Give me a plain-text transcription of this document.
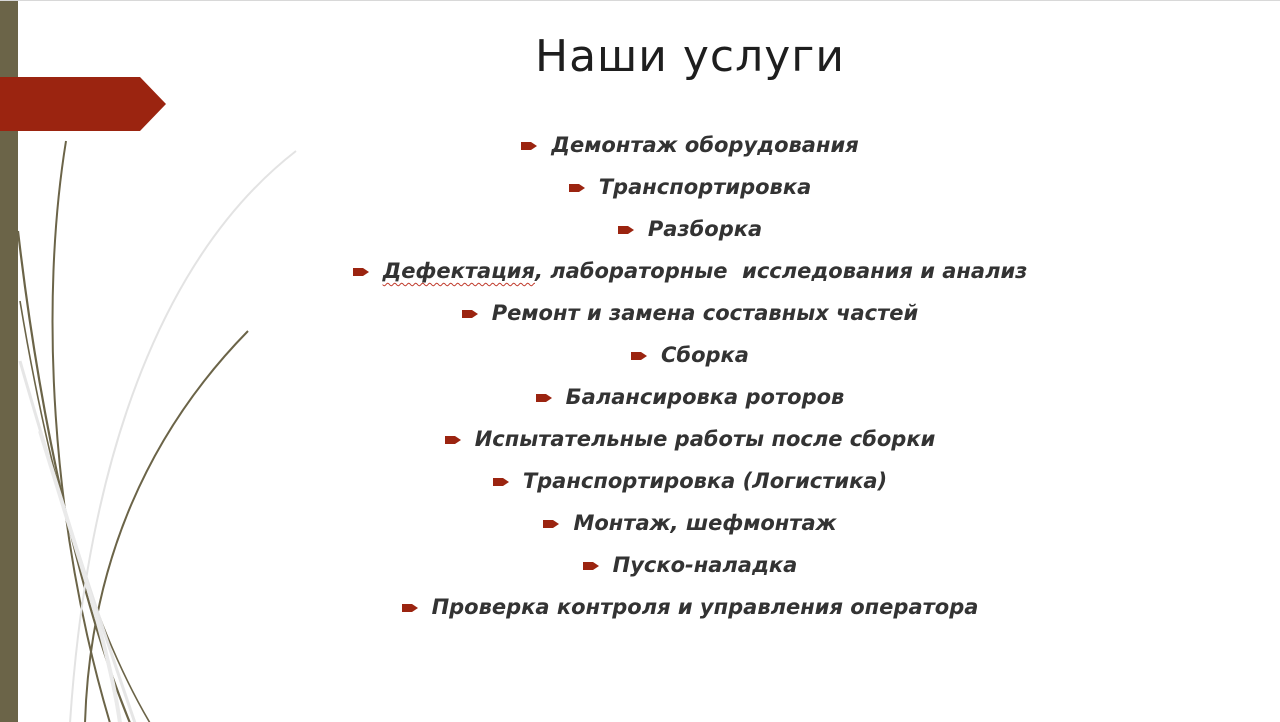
Наши услуги
Демонтаж оборудования
Транспортировка
Разборка
Дефектация, лабораторные  исследования и анализ
Ремонт и замена составных частей
Сборка
Балансировка роторов
Испытательные работы после сборки
Транспортировка (Логистика)
Монтаж, шефмонтаж
Пуско-наладка
Проверка контроля и управления оператора
